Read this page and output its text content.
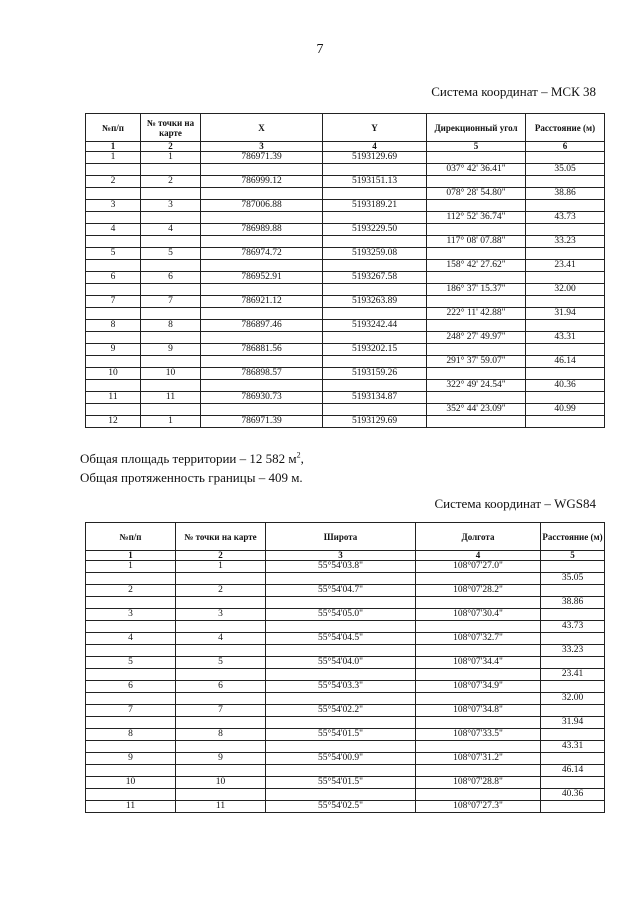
7
Система координат – МСК 38
№п/п	№ точки на карте	X	Y	Дирекционный угол	Расстояние (м)
1	2	3	4	5	6
1	1	786971.39	5193129.69		
				037° 42' 36.41"	35.05
2	2	786999.12	5193151.13		
				078° 28' 54.80"	38.86
3	3	787006.88	5193189.21		
				112° 52' 36.74"	43.73
4	4	786989.88	5193229.50		
				117° 08' 07.88"	33.23
5	5	786974.72	5193259.08		
				158° 42' 27.62"	23.41
6	6	786952.91	5193267.58		
				186° 37' 15.37"	32.00
7	7	786921.12	5193263.89		
				222° 11' 42.88"	31.94
8	8	786897.46	5193242.44		
				248° 27' 49.97"	43.31
9	9	786881.56	5193202.15		
				291° 37' 59.07"	46.14
10	10	786898.57	5193159.26		
				322° 49' 24.54"	40.36
11	11	786930.73	5193134.87		
				352° 44' 23.09"	40.99
12	1	786971.39	5193129.69		
Общая площадь территории – 12 582 $м^2$,
Общая протяженность границы – 409 м.
Система координат – WGS84
№п/п	№ точки на карте	Широта	Долгота	Расстояние (м)
1	2	3	4	5
1	1	55°54'03.8"	108°07'27.0"	
				35.05
2	2	55°54'04.7"	108°07'28.2"	
				38.86
3	3	55°54'05.0"	108°07'30.4"	
				43.73
4	4	55°54'04.5"	108°07'32.7"	
				33.23
5	5	55°54'04.0"	108°07'34.4"	
				23.41
6	6	55°54'03.3"	108°07'34.9"	
				32.00
7	7	55°54'02.2"	108°07'34.8"	
				31.94
8	8	55°54'01.5"	108°07'33.5"	
				43.31
9	9	55°54'00.9"	108°07'31.2"	
				46.14
10	10	55°54'01.5"	108°07'28.8"	
				40.36
11	11	55°54'02.5"	108°07'27.3"	
